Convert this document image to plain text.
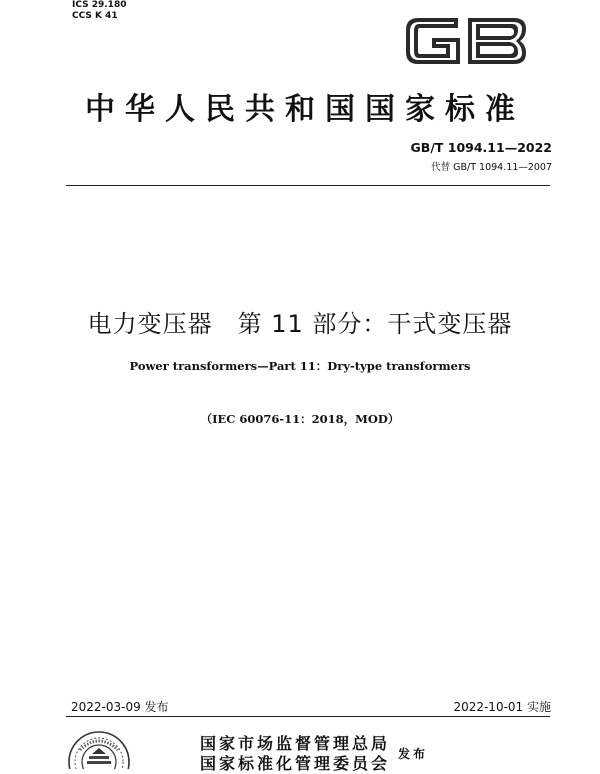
ICS 29.180
CCS K 41
中华人民共和国国家标准
GB/T 1094.11—2022
代替 GB/T 1094.11—2007
电力变压器　第 11 部分：干式变压器
Power transformers—Part 11：Dry-type transformers
（IEC 60076-11：2018，MOD）
2022-03-09 发布	2022-10-01 实施
国家市场监督管理总局
国家标准化管理委员会 发布
